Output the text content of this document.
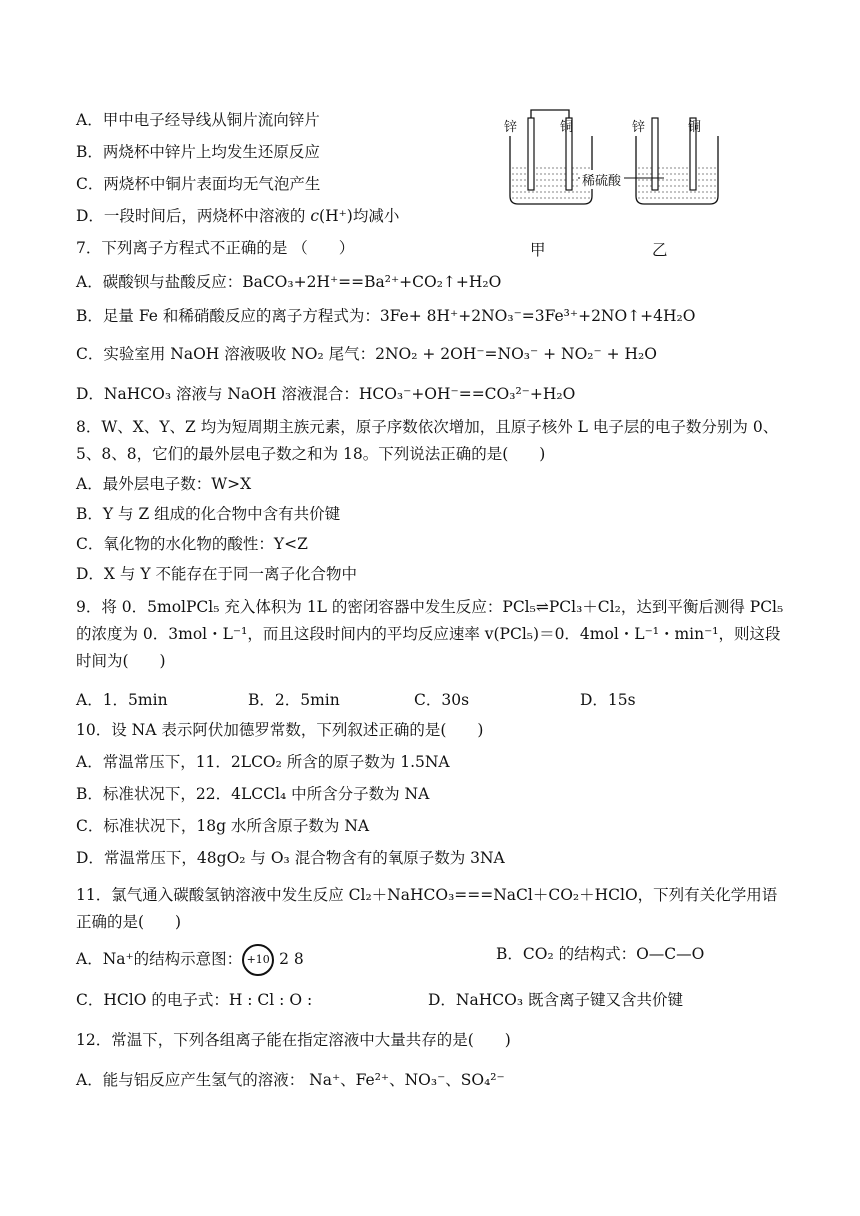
A．甲中电子经导线从铜片流向锌片
B．两烧杯中锌片上均发生还原反应
C．两烧杯中铜片表面均无气泡产生
D．一段时间后，两烧杯中溶液的 c(H⁺)均减小
锌	铜	锌	铜
稀硫酸
甲	乙
7．下列离子方程式不正确的是 （　　）
A．碳酸钡与盐酸反应：BaCO₃+2H⁺==Ba²⁺+CO₂↑+H₂O
B．足量 Fe 和稀硝酸反应的离子方程式为：3Fe+ 8H⁺+2NO₃⁻=3Fe³⁺+2NO↑+4H₂O
C．实验室用 NaOH 溶液吸收 NO₂ 尾气：2NO₂ + 2OH⁻=NO₃⁻ + NO₂⁻ + H₂O
D．NaHCO₃ 溶液与 NaOH 溶液混合：HCO₃⁻+OH⁻==CO₃²⁻+H₂O
8．W、X、Y、Z 均为短周期主族元素，原子序数依次增加，且原子核外 L 电子层的电子数分别为 0、5、8、8，它们的最外层电子数之和为 18。下列说法正确的是(　　)
A．最外层电子数：W>X
B．Y 与 Z 组成的化合物中含有共价键
C．氧化物的水化物的酸性：Y<Z
D．X 与 Y 不能存在于同一离子化合物中
9．将 0．5molPCl₅ 充入体积为 1L 的密闭容器中发生反应：PCl₅⇌PCl₃＋Cl₂，达到平衡后测得 PCl₅ 的浓度为 0．3mol・L⁻¹，而且这段时间内的平均反应速率 v(PCl₅)＝0．4mol・L⁻¹・min⁻¹，则这段时间为(　　)
A．1．5min	B．2．5min	C．30s	D．15s
10．设 NA 表示阿伏加德罗常数，下列叙述正确的是(　　)
A．常温常压下，11．2LCO₂ 所含的原子数为 1.5NA
B．标准状况下，22．4LCCl₄ 中所含分子数为 NA
C．标准状况下，18g 水所含原子数为 NA
D．常温常压下，48gO₂ 与 O₃ 混合物含有的氧原子数为 3NA
11．氯气通入碳酸氢钠溶液中发生反应 Cl₂＋NaHCO₃===NaCl＋CO₂＋HClO，下列有关化学用语正确的是(　　)
A．Na⁺的结构示意图： +10 2 8	B．CO₂ 的结构式：O—C—O
C．HClO 的电子式：H : Cl : O :	D．NaHCO₃ 既含离子键又含共价键
12．常温下，下列各组离子能在指定溶液中大量共存的是(　　)
A．能与铝反应产生氢气的溶液： Na⁺、Fe²⁺、NO₃⁻、SO₄²⁻
